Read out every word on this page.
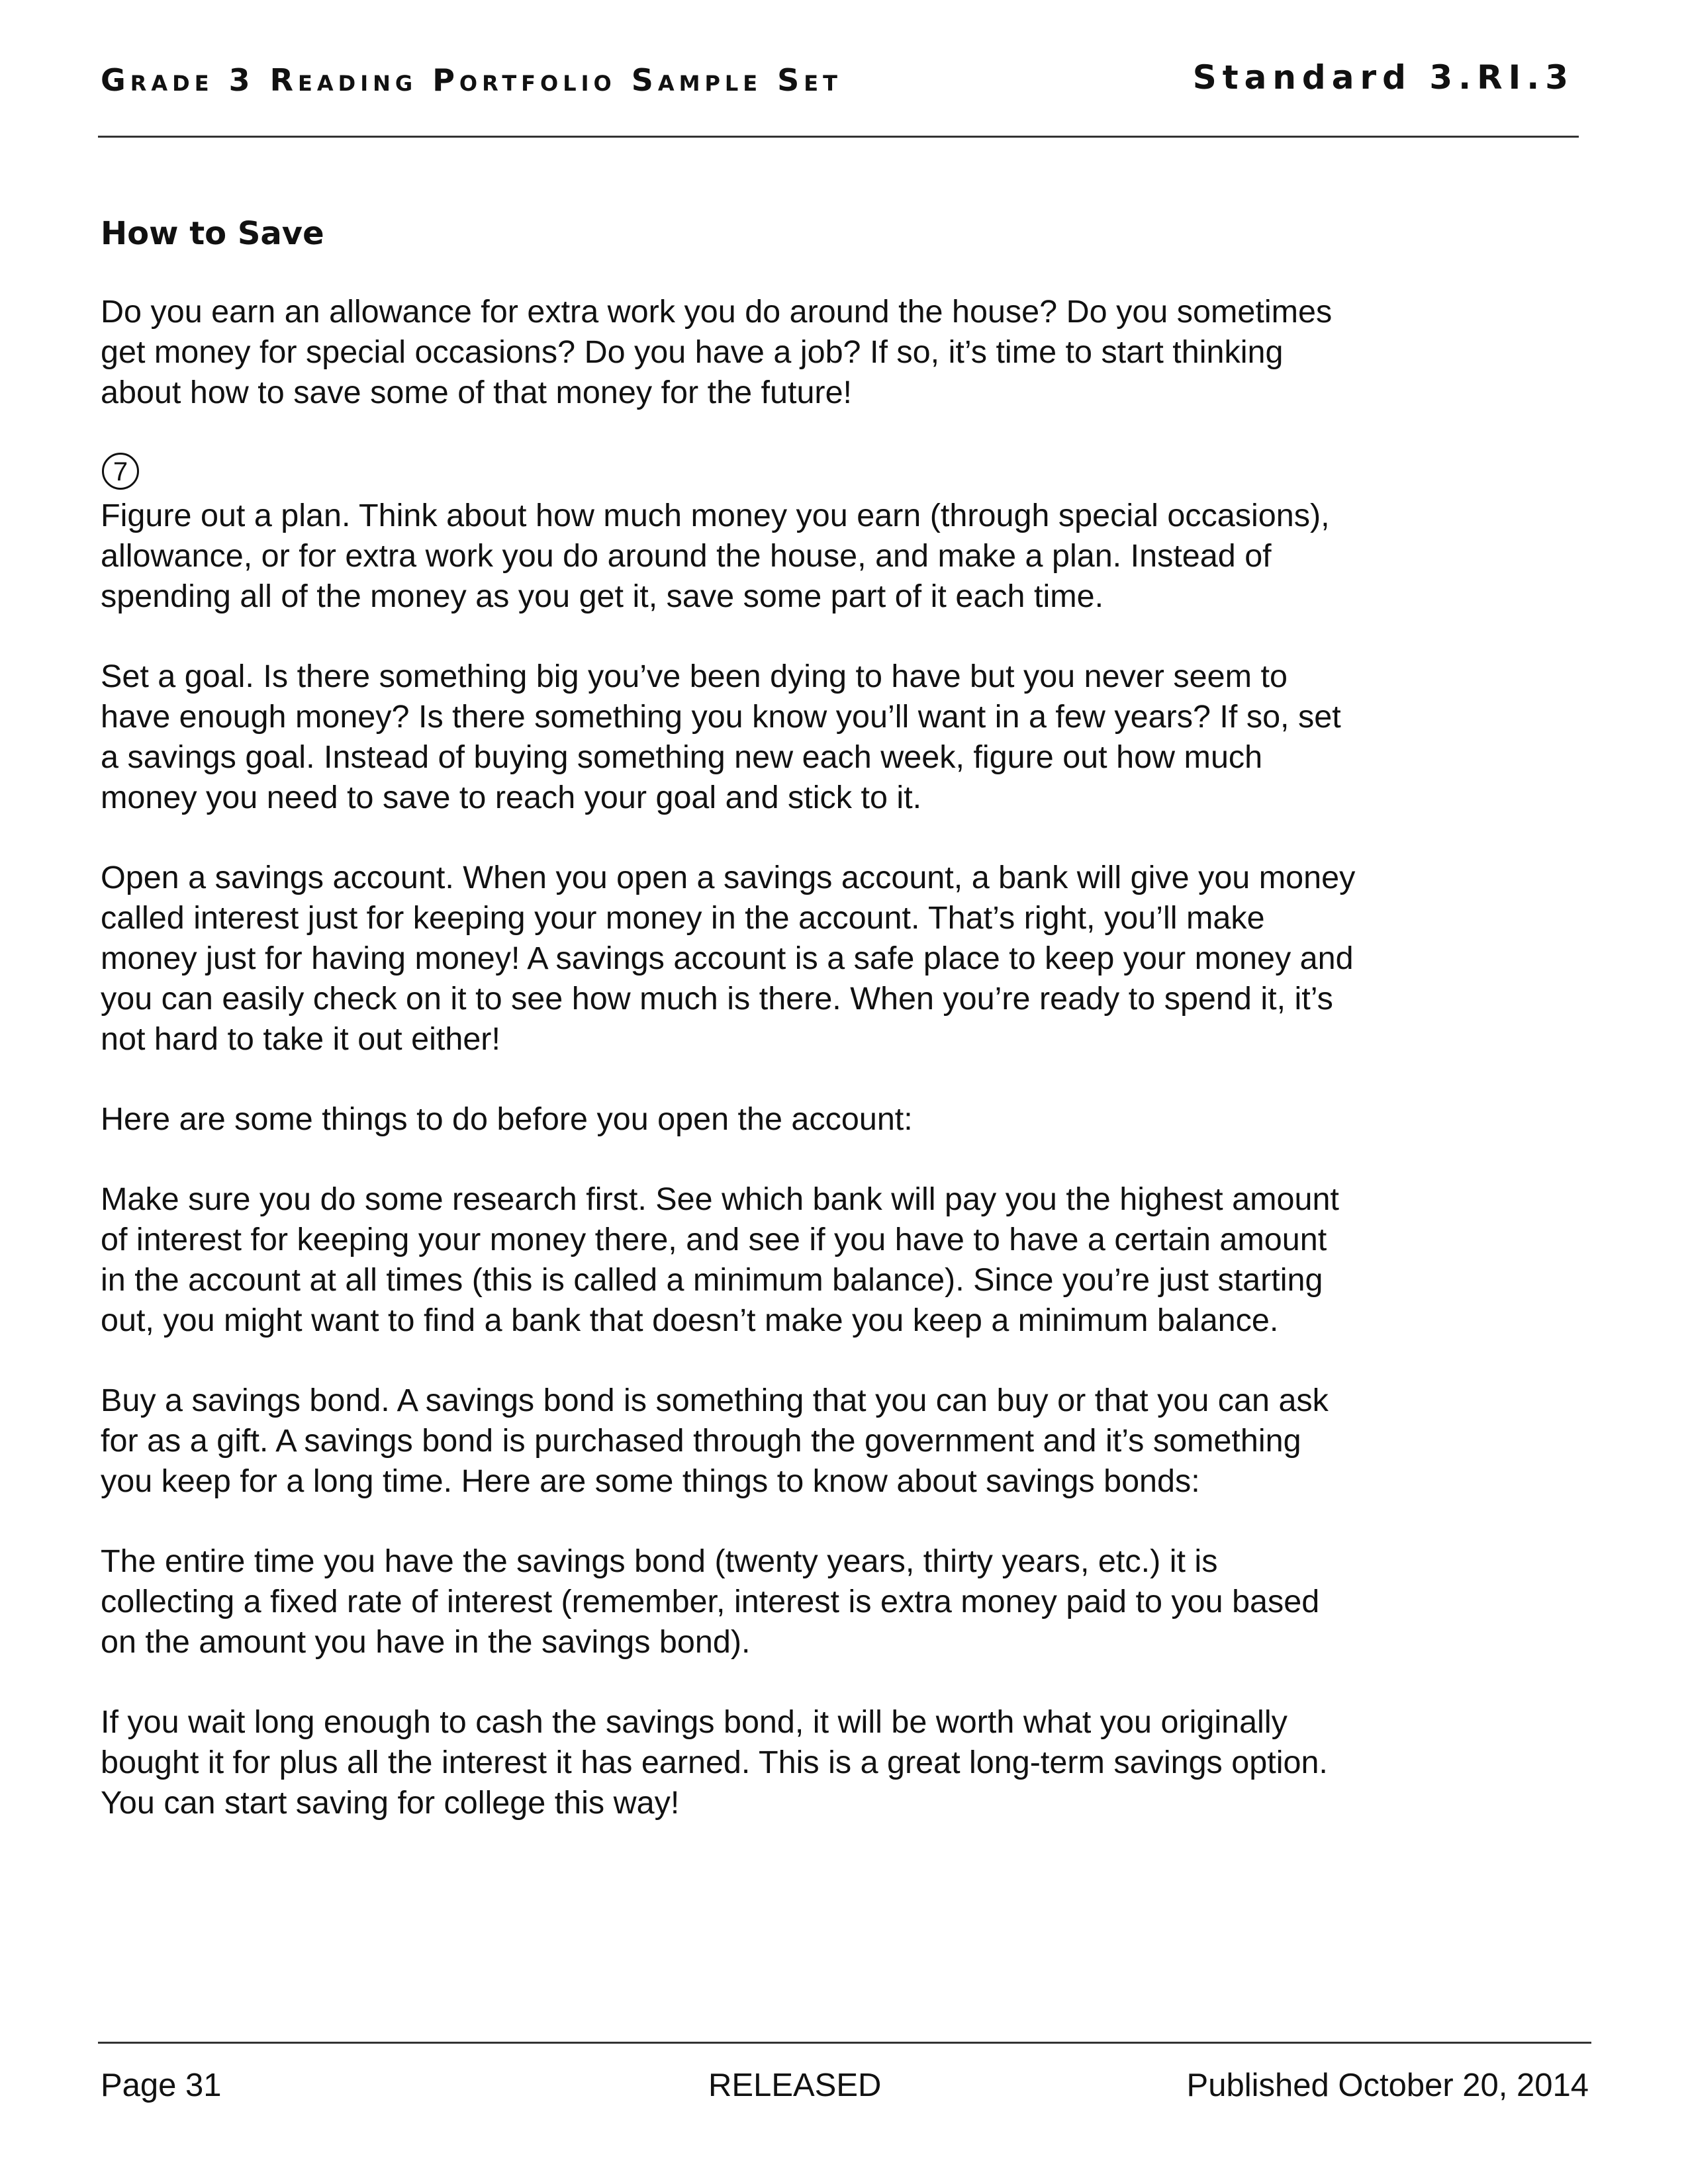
Grade 3 Reading Portfolio Sample Set	Standard 3.RI.3
How to Save
Do you earn an allowance for extra work you do around the house? Do you sometimes
get money for special occasions? Do you have a job? If so, it’s time to start thinking
about how to save some of that money for the future!
7
Figure out a plan. Think about how much money you earn (through special occasions),
allowance, or for extra work you do around the house, and make a plan. Instead of
spending all of the money as you get it, save some part of it each time.
Set a goal. Is there something big you’ve been dying to have but you never seem to
have enough money? Is there something you know you’ll want in a few years? If so, set
a savings goal. Instead of buying something new each week, figure out how much
money you need to save to reach your goal and stick to it.
Open a savings account. When you open a savings account, a bank will give you money
called interest just for keeping your money in the account. That’s right, you’ll make
money just for having money! A savings account is a safe place to keep your money and
you can easily check on it to see how much is there. When you’re ready to spend it, it’s
not hard to take it out either!
Here are some things to do before you open the account:
Make sure you do some research first. See which bank will pay you the highest amount
of interest for keeping your money there, and see if you have to have a certain amount
in the account at all times (this is called a minimum balance). Since you’re just starting
out, you might want to find a bank that doesn’t make you keep a minimum balance.
Buy a savings bond. A savings bond is something that you can buy or that you can ask
for as a gift. A savings bond is purchased through the government and it’s something
you keep for a long time. Here are some things to know about savings bonds:
The entire time you have the savings bond (twenty years, thirty years, etc.) it is
collecting a fixed rate of interest (remember, interest is extra money paid to you based
on the amount you have in the savings bond).
If you wait long enough to cash the savings bond, it will be worth what you originally
bought it for plus all the interest it has earned. This is a great long-term savings option.
You can start saving for college this way!
Page 31	RELEASED	Published October 20, 2014
